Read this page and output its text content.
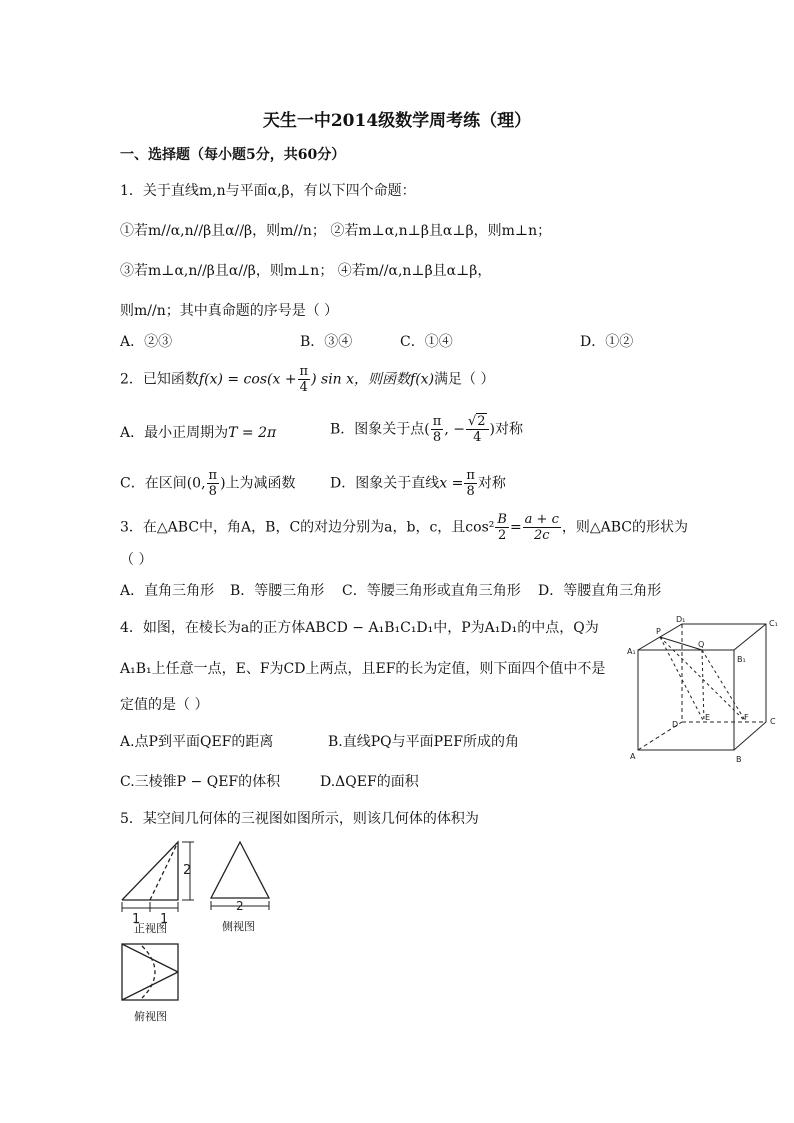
天生一中2014级数学周考练（理）
一、选择题（每小题5分，共60分）
1．关于直线m,n与平面α,β，有以下四个命题：
①若m//α,n//β且α//β，则m//n； ②若m⊥α,n⊥β且α⊥β，则m⊥n；
③若m⊥α,n//β且α//β，则m⊥n； ④若m//α,n⊥β且α⊥β，
则m//n；其中真命题的序号是（ ）
A．②③	B．③④	C．①④	D．①②
2．已知函数$f(x) = \cos(x + \frac{\pi}{4}$ ) sin x，则函数f(x)满足（ ）
A．最小正周期为T = 2π	B．图象关于点( $\frac{\pi}{8}$ , − $\frac{√2}{4}$ )对称
C．在区间(0, $\frac{\pi}{8}$ )上为减函数 D．图象关于直线$x = \frac{\pi}{8}$ 对称
3．在△ABC中，角A，B，C的对边分别为a，b，c，且$\cos^2 \frac{B}{2} = \frac{a + c}{2c}$ ，则△ABC的形状为
（ ）
A．直角三角形 B．等腰三角形 C．等腰三角形或直角三角形 D．等腰直角三角形
4．如图，在棱长为a的正方体ABCD − A₁B₁C₁D₁中，P为A₁D₁的中点，Q为
A₁B₁上任意一点，E、F为CD上两点，且EF的长为定值，则下面四个值中不是
定值的是（ ）
A.点P到平面QEF的距离	B.直线PQ与平面PEF所成的角
C.三棱锥P − QEF的体积	D.ΔQEF的面积
A₁
P
D₁
Q
C₁
B₁
D
E	F	C
A	B
5．某空间几何体的三视图如图所示，则该几何体的体积为
2
1 1
正视图
2
侧视图
俯视图
